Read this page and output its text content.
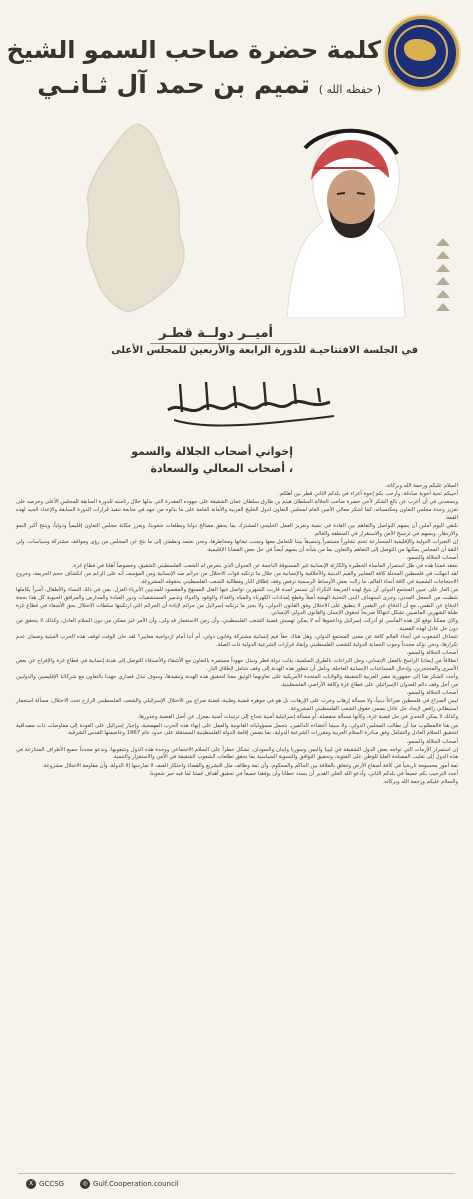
كلمة حضرة صاحب السمو الشيخ
( حفظه الله ) تميم بن حمد آل ثـانـي
أميــر دولــة قطـر
في الجلسة الافتتاحيـة للدورة الرابعة والأربعين للمجلس الأعلى
إخواني أصحاب الجلالة والسمو
، أصحاب المعالي والسعادة

السلام عليكم ورحمة الله وبركاته،

أحييكم تحية أخوية صادقة، وأرحب بكم إخوة أعزاء في بلدكم الثاني قطر بين أهلكم.

ويسعدني في أن أعرب عن بالغ الشكر لأخي حضرة صاحب الجلالة السلطان هيثم بن طارق سلطان عمان الشقيقة على جهوده المقدرة التي بذلها خلال رئاسته للدورة السابقة للمجلس الأعلى وحرصه على تعزيز وحدة مجلس التعاون ومكتسباته، كما أشكر معالي الأمين العام لمجلس التعاون لدول الخليج العربية والأمانة العامة على ما بذلوه من جهد في متابعة تنفيذ قرارات الدورة السابقة والإعداد الجيد لهذه القمة.

نلتقي اليوم آملين أن يسهم التواصل والتفاهم بين القادة في تنمية وتعزيز العمل الخليجي المشترك بما يحقق مصالح دولنا وتطلعات شعوبنا، ويعزز مكانة مجلس التعاون إقليمياً ودولياً، وينتج أكبر النمو والازدهار، ويسهم في ترسيخ الأمن والاستقرار في المنطقة والعالم.

إن التغيرات الدولية والإقليمية المتسارعة تحتم تشاوراً مستمراً وتنسيقاً بيننا للتعامل معها وتجنب تبعاتها ومخاطرها، ونحن نعتمد ونطمئن إلى ما نتج عن المجلس من رؤى ومواقف مشتركة وسياسات، ولي الثقة أن المجلس يمكنها من التوصل إلى التفاهم والتعاون بما من شأنه أن يسهم أيضاً في حل بعض القضايا الإقليمية.

أصحاب الجلالة والسمو،

تنعقد قمتنا هذه في ظل استمرار المأساة الخطيرة والكارثة الإنسانية غير المسبوقة الناجمة عن العدوان الذي يتعرض له الشعب الفلسطيني الشقيق، وخصوصاً أهلنا في قطاع غزة.

لقد انتهكت في فلسطين المحتلة كافة المعايير والقيم الدينية والأخلاقية والإنسانية من خلال ما ترتكبه قوات الاحتلال من جرائم ضد الإنسانية ومن المؤسف أنه على الرغم من انكشاف حجم الجريمة، وخروج الاحتجاجات الشعبية في كافة أنحاء العالم، ما زالت بعض الأوساط الرسمية ترفض وقف إطلاق النار ومطالبة الشعب الفلسطيني بحقوقه المشروعة.

من العار على جبين المجتمع الدولي أن يتيح لهذه الجريمة النكراء أن تستمر لمدة قاربت الشهرين تواصل فيها القتل الممنهج والمقصود للمدنيين الأبرياء العزل، بمن في ذلك النساء والأطفال، أسراً بكاملها شطبت من السجل المدني، وجرى استهداف البنى التحتية الهشة أصلاً وقطع إمدادات الكهرباء والمياه والغذاء والوقود والدواء وتدمير المستشفيات ودور العبادة والمدارس والمرافق الحيوية كل هذا بحجة الدفاع عن النفس، مع أن الدفاع عن النفس لا ينطبق على الاحتلال وفق القانون الدولي، ولا يجيز ما ترتكبه إسرائيل من جرائم لإبادة أن الجرائم التي ارتكبتها سلطات الاحتلال بحق الأشقاء في قطاع غزة طيلة الشهرين الماضيين تشكل انتهاكاً صريحاً لحقوق الإنسان والقانون الدولي الإنساني.

وكان ممكناً توقع كل هذه المآسي لو أدركت إسرائيل وداعموها أنه لا يمكن تهميش قضية الشعب الفلسطيني، وأن زمن الاستعمار قد ولى، وأن الأمر غير ممكن من دون السلام العادل، وكذلك لا يتحقق من دون حل عادل لهذه القضية.

تتساءل الشعوب في أنحاء العالم كافة عن معنى المجتمع الدولي، وهل هناك حقاً قيم إنسانية مشتركة وقانون دولي، أم أننا أمام ازدواجية معايير؟ لقد حان الوقت لوقف هذه الحرب العبثية وضمان عدم تكرارها، ونحن نؤكد مجدداً وجوب الحماية الدولية للشعب الفلسطيني وإنفاذ قرارات الشرعية الدولية ذات الصلة.

أصحاب الجلالة والسمو،

انطلاقاً من إيماننا الراسخ بالعمل الإنساني، وحل النزاعات بالطرق السلمية، بذلت دولة قطر وتبذل جهوداً مستمرة بالتعاون مع الأشقاء والأصدقاء للتوصل إلى هدنة إنسانية في قطاع غزة والإفراج عن بعض الأسرى والمحتجزين، وإدخال المساعدات الإنسانية العاجلة، ونأمل أن تتطور هذه الهدنة إلى وقف شامل لإطلاق النار.

وأجدد الشكر هنا إلى جمهورية مصر العربية الشقيقة والولايات المتحدة الأمريكية على تعاونهما الوثيق معنا لتحقيق هذه الهدنة وتنفيذها، وسوف نبذل قصارى جهدنا بالتعاون مع شركائنا الإقليميين والدوليين من أجل وقف دائم للعدوان الإسرائيلي على قطاع غزة وكافة الأراضي الفلسطينية.

أصحاب الجلالة والسمو،

ليس الصراع في فلسطين صراعاً دينياً، ولا مسألة إرهاب وحرب على الإرهاب، بل هو في جوهره قضية وطنية، قضية صراع بين الاحتلال الإسرائيلي والشعب الفلسطيني الرازح تحت الاحتلال، مسألة استعمار استيطاني رافض لإيجاد حل عادل يضمن حقوق الشعب الفلسطيني المشروعة.

وكذلك لا يمكن التحدي في حل قضية غزة، وكأنها مسألة منفصلة، أو مسألة إسرائيلية أمنية تحتاج إلى ترتيبات أمنية بمعزل عن أصل القضية وجذورها.

من هنا فالمطلوب منا أن نطالب المجلس الدولي، ولا سيما أعضاءه الدائمين، بتحمل مسؤولياته القانونية والعمل على إنهاء هذه الحرب المهمجية، وإجبار إسرائيل على العودة إلى مفاوضات ذات مصداقية لتحقيق السلام العادل والشامل وفق مبادرة السلام العربية ومقررات الشرعية الدولية، بما يضمن إقامة الدولة الفلسطينية المستقلة على حدود عام 1967 وعاصمتها القدس الشرقية.

أصحاب الجلالة والسمو،

إن استمرار الأزمات التي تواجه بعض الدول الشقيقة في ليبيا واليمن وسوريا ولبنان والسودان، تشكل خطراً على السلام الاجتماعي ووحدة هذه الدول وشعوبها، وندعو مجدداً جميع الأطراف المتنازعة في هذه الدول إلى تغليب المصلحة العليا للوطن على الفئوية، وتحقيق التوافق والتسوية السياسية بما يحقق تطلعات الشعوب الشقيقة في الأمن والاستقرار والتنمية.

ثمة أمور محسومة تاريخياً في كافة أصقاع الأرض وتتعلق بالعلاقة بين الحاكم والمحكوم، وأن ثمة وظائف مثل التشريع والقضاء واحتكار العنف لا تمارسها إلا الدولة، وأن مقاومة الاحتلال مشروعة.

أجدد الترحيب بكم جميعاً في بلدكم الثاني، وأدعو الله العلي القدير أن يسدد خطانا وأن يوفقنا جميعاً في تحقيق أهداف قمتنا لما فيه خير شعوبنا.

والسلام عليكم ورحمة الله وبركاته.

X GCCSG	◎ Gulf.Cooperation.council
